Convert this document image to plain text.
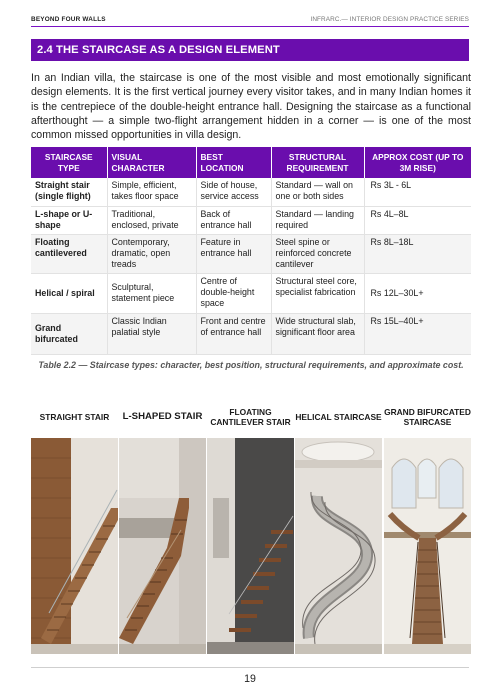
BEYOND FOUR WALLS	INFRARC.— INTERIOR DESIGN PRACTICE SERIES
2.4 THE STAIRCASE AS A DESIGN ELEMENT

In an Indian villa, the staircase is one of the most visible and most emotionally significant design elements. It is the first vertical journey every visitor takes, and in many Indian homes it is the centrepiece of the double-height entrance hall. Designing the staircase as a functional afterthought — a simple two-flight arrangement hidden in a corner — is one of the most common missed opportunities in villa design.

STAIRCASE TYPE	VISUAL CHARACTER	BEST LOCATION	STRUCTURAL REQUIREMENT	APPROX COST (UP TO 3M RISE)
Straight stair (single flight)	Simple, efficient, takes floor space	Side of house, service access	Standard — wall on one or both sides	Rs 3L - 6L
L-shape or U-shape	Traditional, enclosed, private	Back of entrance hall	Standard — landing required	Rs 4L–8L
Floating cantilevered	Contemporary, dramatic, open treads	Feature in entrance hall	Steel spine or reinforced concrete cantilever	Rs 8L–18L
Helical / spiral	Sculptural, statement piece	Centre of double-height space	Structural steel core, specialist fabrication	Rs 12L–30L+
Grand bifurcated	Classic Indian palatial style	Front and centre of entrance hall	Wide structural slab, significant floor area	Rs 15L–40L+

Table 2.2 — Staircase types: character, best position, structural requirements, and approximate cost.

STRAIGHT STAIR	L-SHAPED STAIR	FLOATING CANTILEVER STAIR
HELICAL STAIRCASE
GRAND BIFURCATED STAIRCASE
19
